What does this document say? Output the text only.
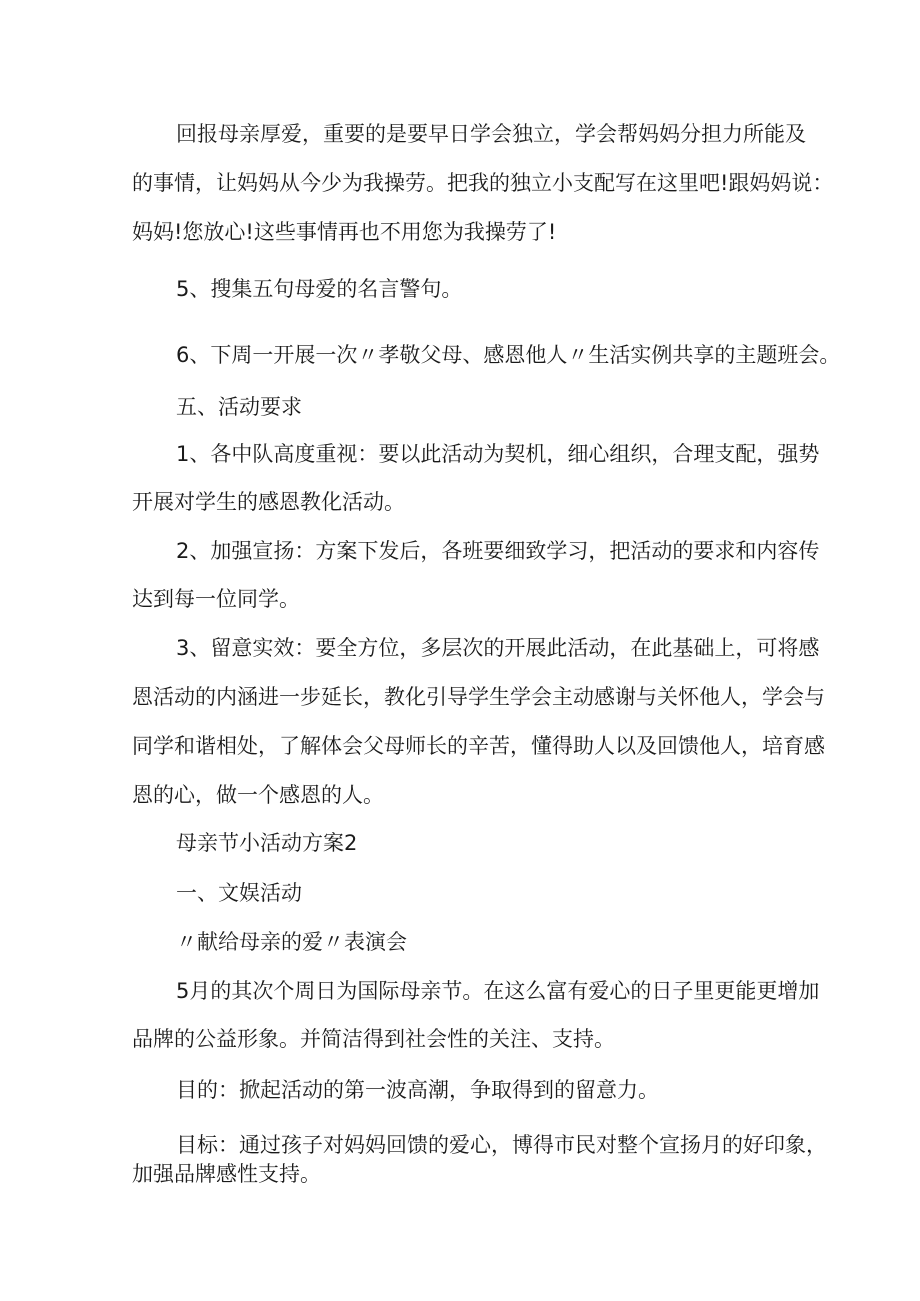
回报母亲厚爱，重要的是要早日学会独立，学会帮妈妈分担力所能及
的事情，让妈妈从今少为我操劳。把我的独立小支配写在这里吧!跟妈妈说：
妈妈!您放心!这些事情再也不用您为我操劳了!
5、搜集五句母爱的名言警句。
6、下周一开展一次〃孝敬父母、感恩他人〃生活实例共享的主题班会。
五、活动要求
1、各中队高度重视：要以此活动为契机，细心组织，合理支配，强势
开展对学生的感恩教化活动。
2、加强宣扬：方案下发后，各班要细致学习，把活动的要求和内容传
达到每一位同学。
3、留意实效：要全方位，多层次的开展此活动，在此基础上，可将感
恩活动的内涵进一步延长，教化引导学生学会主动感谢与关怀他人，学会与
同学和谐相处，了解体会父母师长的辛苦，懂得助人以及回馈他人，培育感
恩的心，做一个感恩的人。
母亲节小活动方案2
一、文娱活动
〃献给母亲的爱〃表演会
5月的其次个周日为国际母亲节。在这么富有爱心的日子里更能更增加
品牌的公益形象。并简洁得到社会性的关注、支持。
目的：掀起活动的第一波高潮，争取得到的留意力。
目标：通过孩子对妈妈回馈的爱心，博得市民对整个宣扬月的好印象，
加强品牌感性支持。
